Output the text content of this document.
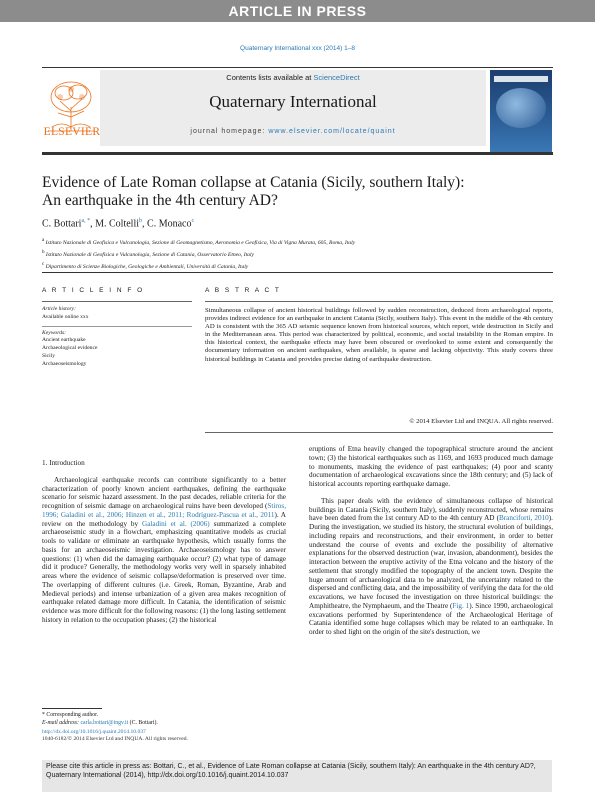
ARTICLE IN PRESS
Quaternary International xxx (2014) 1–8
ELSEVIER
Contents lists available at ScienceDirect
Quaternary International
journal homepage: www.elsevier.com/locate/quaint
Evidence of Late Roman collapse at Catania (Sicily, southern Italy):
An earthquake in the 4th century AD?
C. Bottari$^{a, *}$, M. Coltelli$^b$, C. Monaco$^c$
$^a$ Istituto Nazionale di Geofisica e Vulcanologia, Sezione di Geomagnetismo, Aeronomia e Geofisica, Via di Vigna Murata, 605, Roma, Italy
$^b$ Istituto Nazionale di Geofisica e Vulcanologia, Sezione di Catania, Osservatorio Etneo, Italy
$^c$ Dipartimento di Scienze Biologiche, Geologiche e Ambientali, Università di Catania, Italy
A R T I C L E I N F O	A B S T R A C T
Article history:
Available online xxx
Keywords:
Ancient earthquake
Archaeological evidence
Sicily
Archaeoseismology
Simultaneous collapse of ancient historical buildings followed by sudden reconstruction, deduced from archaeological reports, provides indirect evidence for an earthquake in ancient Catania (Sicily, southern Italy). This event in the middle of the 4th century AD is consistent with the 365 AD seismic sequence known from historical sources, which report, wide destruction in Sicily and in the Mediterranean area. This period was characterized by political, economic, and social instability in the Roman empire. In this historical context, the earthquake effects may have been obscured or overlooked to some extent and consequently the documentary information on ancient earthquakes, when available, is sparse and lacking objectivity. This study covers three historical buildings in Catania and provides precise dating of earthquake destruction.
© 2014 Elsevier Ltd and INQUA. All rights reserved.

1. Introduction

Archaeological earthquake records can contribute significantly to a better characterization of poorly known ancient earthquakes, defining the earthquake scenario for seismic hazard assessment. In the past decades, reliable criteria for the recognition of seismic damage on archaeological ruins have been developed (Stiros, 1996; Galadini et al., 2006; Hinzen et al., 2011; Rodríguez-Pascua et al., 2011). A review on the methodology by Galadini et al. (2006) summarized a complete archaeoseismic study in a flowchart, emphasizing quantitative models as crucial tools to validate or eliminate an earthquake hypothesis, which usually forms the basis for an archaeoseismic investigation. Archaeoseismology has to answer questions: (1) when did the damaging earthquake occur? (2) what type of damage did it produce? Generally, the methodology works very well in sparsely inhabited areas where the evidence of seismic collapse/deformation is preserved over time. The overlapping of different cultures (i.e. Greek, Roman, Byzantine, Arab and Medieval periods) and intense urbanization of a given area makes recognition of earthquake related damage more difficult. In Catania, the identification of seismic evidence was more difficult for the following reasons: (1) the long lasting settlement history in relation to the occupation phases; (2) the historical

eruptions of Etna heavily changed the topographical structure around the ancient town; (3) the historical earthquakes such as 1169, and 1693 produced much damage to monuments, masking the evidence of past earthquakes; (4) poor and scanty documentation of archaeological excavations since the 18th century; and (5) lack of historical accounts reporting earthquake damage.

This paper deals with the evidence of simultaneous collapse of historical buildings in Catania (Sicily, southern Italy), suddenly reconstructed, whose remains have been dated from the 1st century AD to the 4th century AD (Branciforti, 2010). During the investigation, we studied its history, the structural evolution of buildings, including repairs and reconstructions, and their environment, in order to better understand the course of events and exclude the possibility of alternative explanations for the observed destruction (war, invasion, abandonment), besides the interaction between the eruptive activity of the Etna volcano and the history of the settlement that strongly modified the topography of the ancient town. Despite the huge amount of archaeological data to be analyzed, the uncertainty related to the dispersed and conflicting data, and the impossibility of verifying the data for the old excavations, we have focused the investigation on three historical buildings: the Amphitheatre, the Nymphaeum, and the Theatre (Fig. 1). Since 1990, archaeological excavations performed by Superintendence of the Archaeological Heritage of Catania identified some huge collapses which may be related to an earthquake. In order to shed light on the origin of the site's destruction, we

* Corresponding author.
E-mail address: carla.bottari@ingv.it (C. Bottari).
http://dx.doi.org/10.1016/j.quaint.2014.10.037
1040-6182/© 2014 Elsevier Ltd and INQUA. All rights reserved.
Please cite this article in press as: Bottari, C., et al., Evidence of Late Roman collapse at Catania (Sicily, southern Italy): An earthquake in the 4th century AD?, Quaternary International (2014), http://dx.doi.org/10.1016/j.quaint.2014.10.037
